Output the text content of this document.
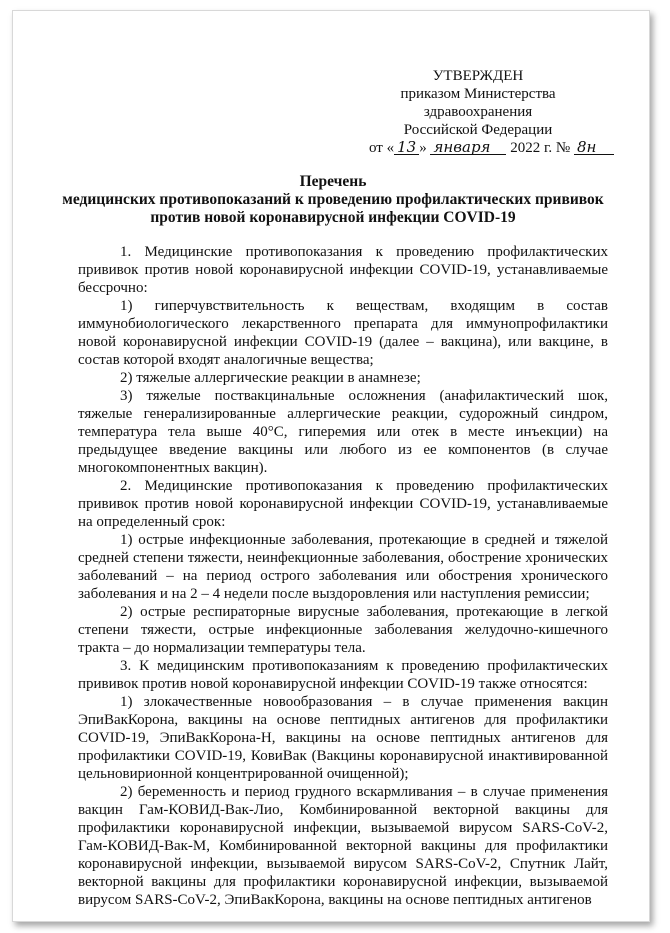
УТВЕРЖДЕН
приказом Министерства
здравоохранения
Российской Федерации
от « 13 » января 2022 г. № 8н
Перечень
медицинских противопоказаний к проведению профилактических прививок
против новой коронавирусной инфекции COVID-19

1. Медицинские противопоказания к проведению профилактических прививок против новой коронавирусной инфекции COVID-19, устанавливаемые бессрочно:

1) гиперчувствительность к веществам, входящим в состав иммунобиологического лекарственного препарата для иммунопрофилактики новой коронавирусной инфекции COVID-19 (далее – вакцина), или вакцине, в состав которой входят аналогичные вещества;

2) тяжелые аллергические реакции в анамнезе;

3) тяжелые поствакцинальные осложнения (анафилактический шок, тяжелые генерализированные аллергические реакции, судорожный синдром, температура тела выше 40°C, гиперемия или отек в месте инъекции) на предыдущее введение вакцины или любого из ее компонентов (в случае многокомпонентных вакцин).

2. Медицинские противопоказания к проведению профилактических прививок против новой коронавирусной инфекции COVID-19, устанавливаемые на определенный срок:

1) острые инфекционные заболевания, протекающие в средней и тяжелой средней степени тяжести, неинфекционные заболевания, обострение хронических заболеваний – на период острого заболевания или обострения хронического заболевания и на 2 – 4 недели после выздоровления или наступления ремиссии;

2) острые респираторные вирусные заболевания, протекающие в легкой степени тяжести, острые инфекционные заболевания желудочно-кишечного тракта – до нормализации температуры тела.

3. К медицинским противопоказаниям к проведению профилактических прививок против новой коронавирусной инфекции COVID-19 также относятся:

1) злокачественные новообразования – в случае применения вакцин ЭпиВакКорона, вакцины на основе пептидных антигенов для профилактики COVID-19, ЭпиВакКорона-Н, вакцины на основе пептидных антигенов для профилактики COVID-19, КовиВак (Вакцины коронавирусной инактивированной цельновирионной концентрированной очищенной);

2) беременность и период грудного вскармливания – в случае применения вакцин Гам-КОВИД-Вак-Лио, Комбинированной векторной вакцины для профилактики коронавирусной инфекции, вызываемой вирусом SARS-CoV-2, Гам-КОВИД-Вак-М, Комбинированной векторной вакцины для профилактики коронавирусной инфекции, вызываемой вирусом SARS-CoV-2, Спутник Лайт, векторной вакцины для профилактики коронавирусной инфекции, вызываемой вирусом SARS-CoV-2, ЭпиВакКорона, вакцины на основе пептидных антигенов
